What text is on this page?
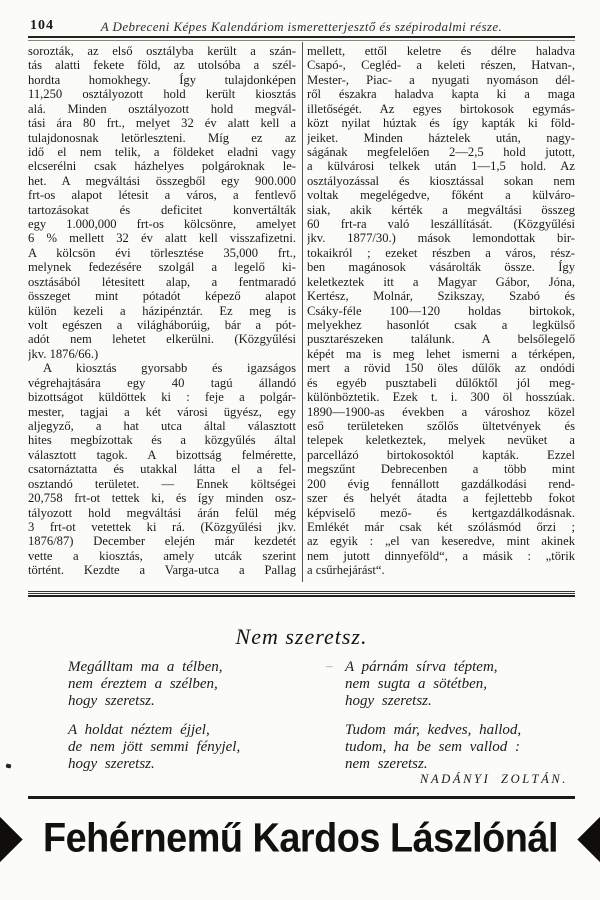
104	A Debreceni Képes Kalendáriom ismeretterjesztő és szépirodalmi része.
sorozták, az első osztályba került a szán-
tás alatti fekete föld, az utolsóba a szél-
hordta homokhegy. Így tulajdonképen
11,250 osztályozott hold került kiosztás
alá. Minden osztályozott hold megvál-
tási ára 80 frt., melyet 32 év alatt kell a
tulajdonosnak letörleszteni. Míg ez az
idő el nem telik, a földeket eladni vagy
elcserélni csak házhelyes polgároknak le-
het. A megváltási összegből egy 900.000
frt-os alapot létesit a város, a fentlevő
tartozásokat és deficitet konvertálták
egy 1.000,000 frt-os kölcsönre, amelyet
6 % mellett 32 év alatt kell visszafizetni.
A kölcsön évi törlesztése 35,000 frt.,
melynek fedezésére szolgál a legelő ki-
osztásából létesitett alap, a fentmaradó
összeget mint pótadót képező alapot
külön kezeli a házipénztár. Ez meg is
volt egészen a világháborúig, bár a pót-
adót nem lehetet elkerülni. (Közgyűlési
jkv. 1876/66.)
A kiosztás gyorsabb és igazságos
végrehajtására egy 40 tagú állandó
bizottságot küldöttek ki : feje a polgár-
mester, tagjai a két városi ügyész, egy
aljegyző, a hat utca által választott
hites megbízottak és a közgyűlés által
választott tagok. A bizottság felmérette,
csatornáztatta és utakkal látta el a fel-
osztandó területet. — Ennek költségei
20,758 frt-ot tettek ki, és így minden osz-
tályozott hold megváltási árán felül még
3 frt-ot vetettek ki rá. (Közgyűlési jkv.
1876/87) December elején már kezdetét
vette a kiosztás, amely utcák szerint
történt. Kezdte a Varga-utca a Pallag
mellett, ettől keletre és délre haladva
Csapó-, Cegléd- a keleti részen, Hatvan-,
Mester-, Piac- a nyugati nyomáson dél-
ről északra haladva kapta ki a maga
illetőségét. Az egyes birtokosok egymás-
közt nyilat húztak és így kapták ki föld-
jeiket. Minden háztelek után, nagy-
ságának megfelelően 2—2,5 hold jutott,
a külvárosi telkek után 1—1,5 hold. Az
osztályozással és kiosztással sokan nem
voltak megelégedve, főként a külváro-
siak, akik kérték a megváltási összeg
60 frt-ra való leszállítását. (Közgyűlési
jkv. 1877/30.) mások lemondottak bir-
tokaikról ; ezeket részben a város, rész-
ben magánosok vásárolták össze. Így
keletkeztek itt a Magyar Gábor, Jóna,
Kertész, Molnár, Szikszay, Szabó és
Csáky-féle 100—120 holdas birtokok,
melyekhez hasonlót csak a legkülső
pusztarészeken találunk. A belsőlegelő
képét ma is meg lehet ismerni a térképen,
mert a rövid 150 öles dűlők az ondódi
és egyéb pusztabeli dűlőktől jól meg-
különböztetik. Ezek t. i. 300 öl hosszúak.
1890—1900-as években a városhoz közel
eső területeken szőlős ültetvények és
telepek keletkeztek, melyek nevüket a
parcellázó birtokosoktól kapták. Ezzel
megszűnt Debrecenben a több mint
200 évig fennállott gazdálkodási rend-
szer és helyét átadta a fejlettebb fokot
képviselő mező- és kertgazdálkodásnak.
Emlékét már csak két szólásmód őrzi ;
az egyik : „el van keseredve, mint akinek
nem jutott dinnyeföld“, a másik : „törik
a csűrhejárást“.
Nem szeretsz.
–
Megálltam ma a télben,
nem éreztem a szélben,
hogy szeretsz.
A holdat néztem éjjel,
de nem jött semmi fényjel,
hogy szeretsz.
A párnám sírva téptem,
nem sugta a sötétben,
hogy szeretsz.
Tudom már, kedves, hallod,
tudom, ha be sem vallod :
nem szeretsz.
NADÁNYI ZOLTÁN.
Fehérnemű Kardos Lászlónál
